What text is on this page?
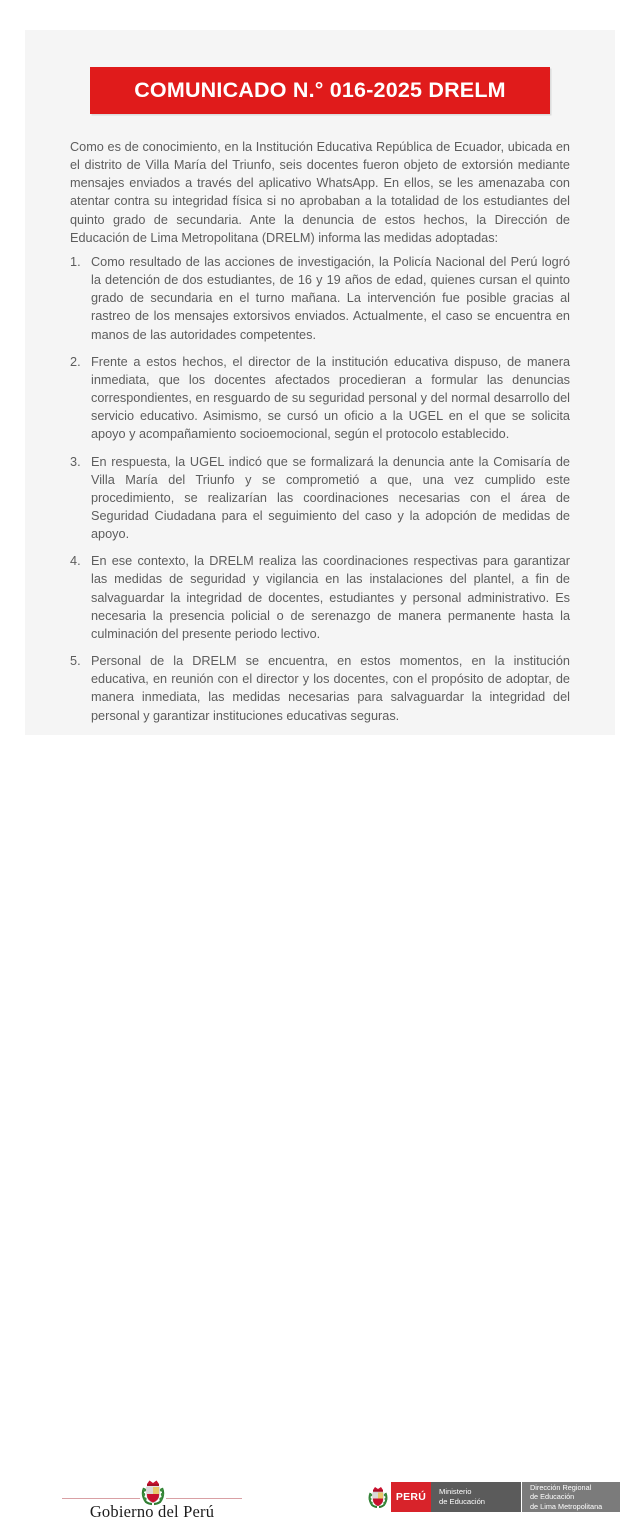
COMUNICADO N.° 016-2025 DRELM

Como es de conocimiento, en la Institución Educativa República de Ecuador, ubicada en el distrito de Villa María del Triunfo, seis docentes fueron objeto de extorsión mediante mensajes enviados a través del aplicativo WhatsApp. En ellos, se les amenazaba con atentar contra su integridad física si no aprobaban a la totalidad de los estudiantes del quinto grado de secundaria. Ante la denuncia de estos hechos, la Dirección de Educación de Lima Metropolitana (DRELM) informa las medidas adoptadas:

Como resultado de las acciones de investigación, la Policía Nacional del Perú logró la detención de dos estudiantes, de 16 y 19 años de edad, quienes cursan el quinto grado de secundaria en el turno mañana. La intervención fue posible gracias al rastreo de los mensajes extorsivos enviados. Actualmente, el caso se encuentra en manos de las autoridades competentes.
Frente a estos hechos, el director de la institución educativa dispuso, de manera inmediata, que los docentes afectados procedieran a formular las denuncias correspondientes, en resguardo de su seguridad personal y del normal desarrollo del servicio educativo. Asimismo, se cursó un oficio a la UGEL en el que se solicita apoyo y acompañamiento socioemocional, según el protocolo establecido.
En respuesta, la UGEL indicó que se formalizará la denuncia ante la Comisaría de Villa María del Triunfo y se comprometió a que, una vez cumplido este procedimiento, se realizarían las coordinaciones necesarias con el área de Seguridad Ciudadana para el seguimiento del caso y la adopción de medidas de apoyo.
En ese contexto, la DRELM realiza las coordinaciones respectivas para garantizar las medidas de seguridad y vigilancia en las instalaciones del plantel, a fin de salvaguardar la integridad de docentes, estudiantes y personal administrativo. Es necesaria la presencia policial o de serenazgo de manera permanente hasta la culminación del presente periodo lectivo.
Personal de la DRELM se encuentra, en estos momentos, en la institución educativa, en reunión con el director y los docentes, con el propósito de adoptar, de manera inmediata, las medidas necesarias para salvaguardar la integridad del personal y garantizar instituciones educativas seguras.
Gobierno del Perú
PERÚ Ministerio
de Educación
Dirección Regional
de Educación
de Lima Metropolitana
